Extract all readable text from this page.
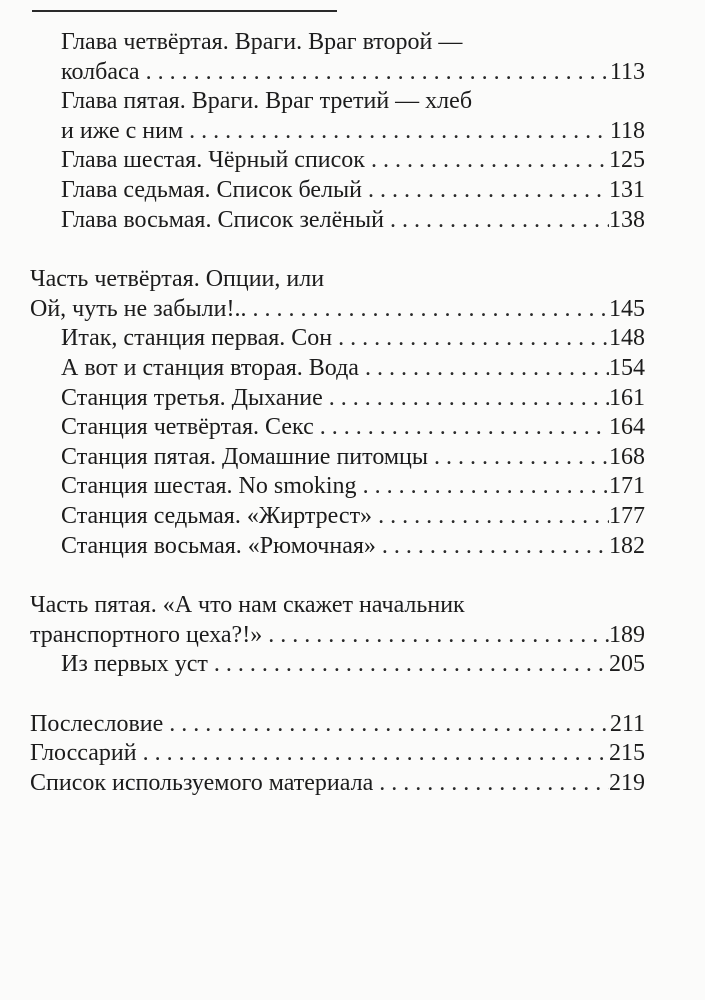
Глава четвёртая. Враги. Враг второй —
колбаса . . .	113
Глава пятая. Враги. Враг третий — хлеб
и иже с ним . . .	118
Глава шестая. Чёрный список . . .	125
Глава седьмая. Список белый . . .	131
Глава восьмая. Список зелёный . . .	138
Часть четвёртая. Опции, или
Ой, чуть не забыли!.. . . .	145
Итак, станция первая. Сон . . .	148
А вот и станция вторая. Вода . . .	154
Станция третья. Дыхание . . .	161
Станция четвёртая. Секс . . .	164
Станция пятая. Домашние питомцы . . .	168
Станция шестая. No smoking . . .	171
Станция седьмая. «Жиртрест» . . .	177
Станция восьмая. «Рюмочная» . . .	182
Часть пятая. «А что нам скажет начальник
транспортного цеха?!» . . .	189
Из первых уст . . .	205
Послесловие . . .	211
Глоссарий . . .	215
Список используемого материала . . .	219
